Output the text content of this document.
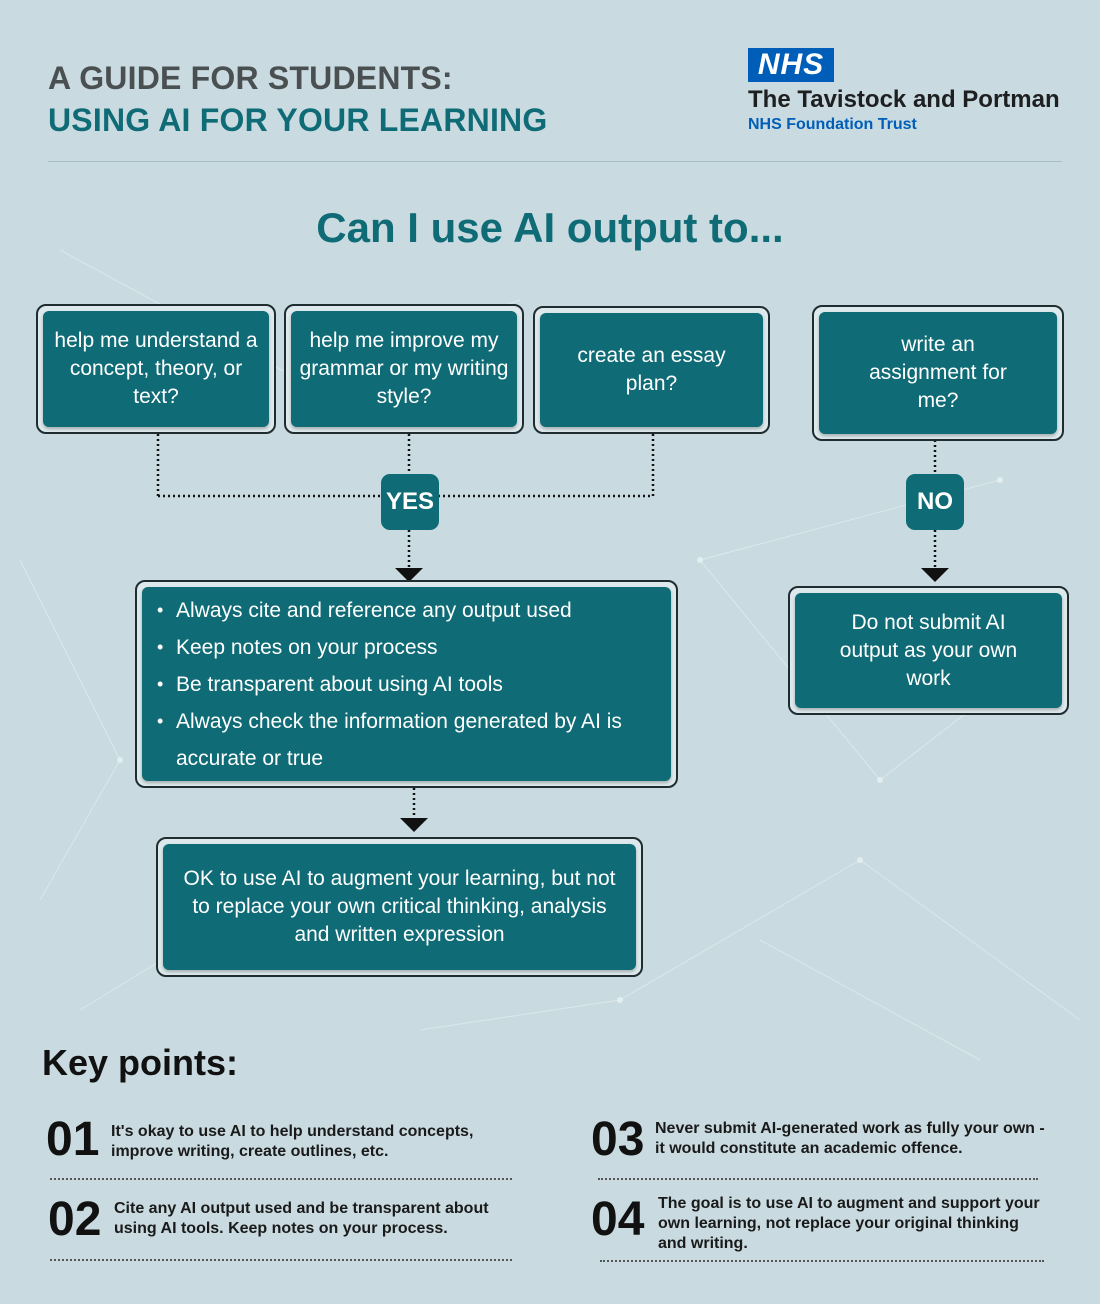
A GUIDE FOR STUDENTS:
USING AI FOR YOUR LEARNING
NHS
The Tavistock and Portman
NHS Foundation Trust
Can I use AI output to...
help me understand a concept, theory, or text?
help me improve my grammar or my writing style?
create an essay plan?
write an assignment for me?
YES	NO
• Always cite and reference any output used
• Keep notes on your process
• Be transparent about using AI tools
• Always check the information generated by AI is accurate or true
Do not submit AI output as your own work
OK to use AI to augment your learning, but not to replace your own critical thinking, analysis and written expression
Key points:
01 It's okay to use AI to help understand concepts, improve writing, create outlines, etc.
02 Cite any AI output used and be transparent about using AI tools. Keep notes on your process.
03 Never submit AI-generated work as fully your own - it would constitute an academic offence.
04 The goal is to use AI to augment and support your own learning, not replace your original thinking and writing.
